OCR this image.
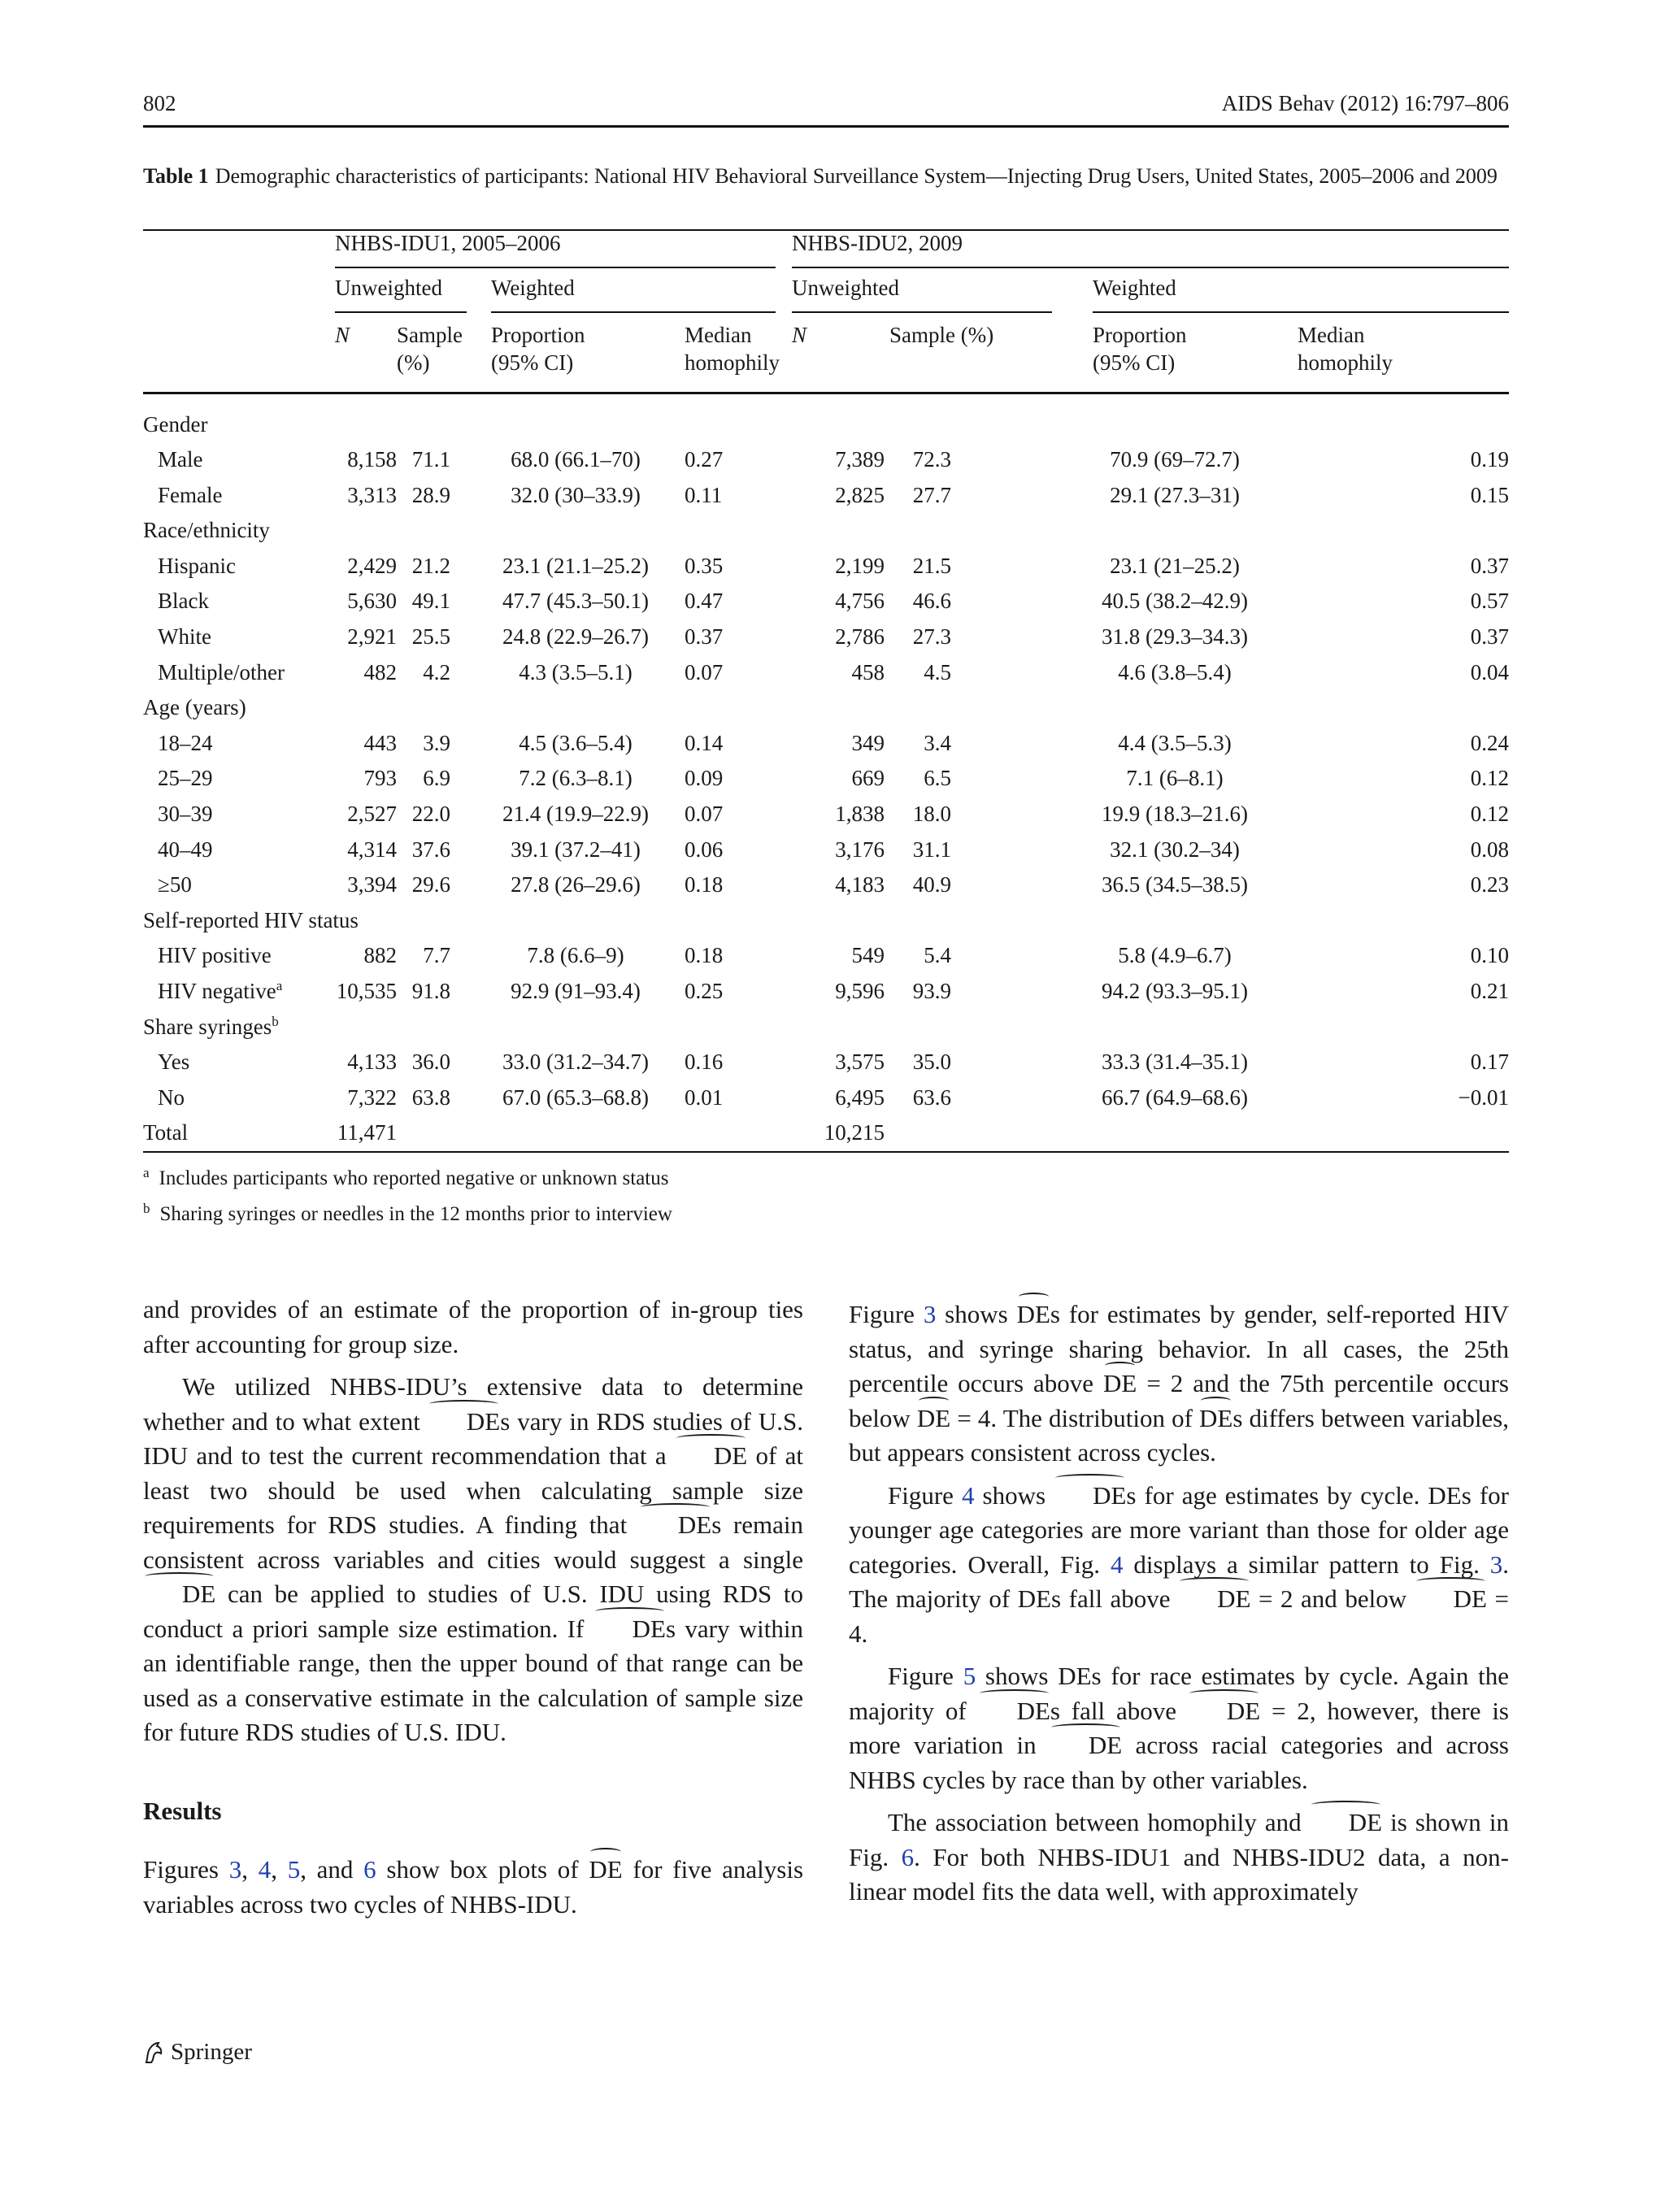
802	AIDS Behav (2012) 16:797–806
Table 1 Demographic characteristics of participants: National HIV Behavioral Surveillance System—Injecting Drug Users, United States, 2005–2006 and 2009

	NHBS-IDU1, 2005–2006				NHBS-IDU2, 2009				

	Unweighted		Weighted		Unweighted			Weighted	

	N	Sample (%)	Proportion
(95% CI)	Median
homophily	N	Sample (%)		Proportion
(95% CI)	Median
homophily
Gender									
Male	8,158	71.1	68.0 (66.1–70)	0.27	7,389	72.3		70.9 (69–72.7)	0.19
Female	3,313	28.9	32.0 (30–33.9)	0.11	2,825	27.7		29.1 (27.3–31)	0.15
Race/ethnicity									
Hispanic	2,429	21.2	23.1 (21.1–25.2)	0.35	2,199	21.5		23.1 (21–25.2)	0.37
Black	5,630	49.1	47.7 (45.3–50.1)	0.47	4,756	46.6		40.5 (38.2–42.9)	0.57
White	2,921	25.5	24.8 (22.9–26.7)	0.37	2,786	27.3		31.8 (29.3–34.3)	0.37
Multiple/other	482	4.2	4.3 (3.5–5.1)	0.07	458	4.5		4.6 (3.8–5.4)	0.04
Age (years)									
18–24	443	3.9	4.5 (3.6–5.4)	0.14	349	3.4		4.4 (3.5–5.3)	0.24
25–29	793	6.9	7.2 (6.3–8.1)	0.09	669	6.5		7.1 (6–8.1)	0.12
30–39	2,527	22.0	21.4 (19.9–22.9)	0.07	1,838	18.0		19.9 (18.3–21.6)	0.12
40–49	4,314	37.6	39.1 (37.2–41)	0.06	3,176	31.1		32.1 (30.2–34)	0.08
≥50	3,394	29.6	27.8 (26–29.6)	0.18	4,183	40.9		36.5 (34.5–38.5)	0.23
Self-reported HIV status									
HIV positive	882	7.7	7.8 (6.6–9)	0.18	549	5.4		5.8 (4.9–6.7)	0.10
HIV negative$^a$	10,535	91.8	92.9 (91–93.4)	0.25	9,596	93.9		94.2 (93.3–95.1)	0.21
Share syringes$^b$	
Yes	4,133	36.0	33.0 (31.2–34.7)	0.16	3,575	35.0		33.3 (31.4–35.1)	0.17
No	7,322	63.8	67.0 (65.3–68.8)	0.01	6,495	63.6		66.7 (64.9–68.6)	−0.01
Total	11,471				10,215				
$^a$ Includes participants who reported negative or unknown status
$^b$ Sharing syringes or needles in the 12 months prior to interview

and provides of an estimate of the proportion of in-group ties after accounting for group size.

We utilized NHBS-IDU’s extensive data to determine whether and to what extent DEs vary in RDS studies of U.S. IDU and to test the current recommendation that a DE of at least two should be used when calculating sample size requirements for RDS studies. A finding that DEs remain consistent across variables and cities would suggest a single DE can be applied to studies of U.S. IDU using RDS to conduct a priori sample size estimation. If DEs vary within an identifiable range, then the upper bound of that range can be used as a conservative estimate in the calculation of sample size for future RDS studies of U.S. IDU.

Results

Figures 3, 4, 5, and 6 show box plots of DE for five analysis variables across two cycles of NHBS-IDU.

Figure 3 shows DEs for estimates by gender, self-reported HIV status, and syringe sharing behavior. In all cases, the 25th percentile occurs above DE = 2 and the 75th percentile occurs below DE = 4. The distribution of DEs differs between variables, but appears consistent across cycles.

Figure 4 shows DEs for age estimates by cycle. DEs for younger age categories are more variant than those for older age categories. Overall, Fig. 4 displays a similar pattern to Fig. 3. The majority of DEs fall above DE = 2 and below DE = 4.

Figure 5 shows DEs for race estimates by cycle. Again the majority of DEs fall above DE = 2, however, there is more variation in DE across racial categories and across NHBS cycles by race than by other variables.

The association between homophily and DE is shown in Fig. 6. For both NHBS-IDU1 and NHBS-IDU2 data, a non-linear model fits the data well, with approximately

Springer
